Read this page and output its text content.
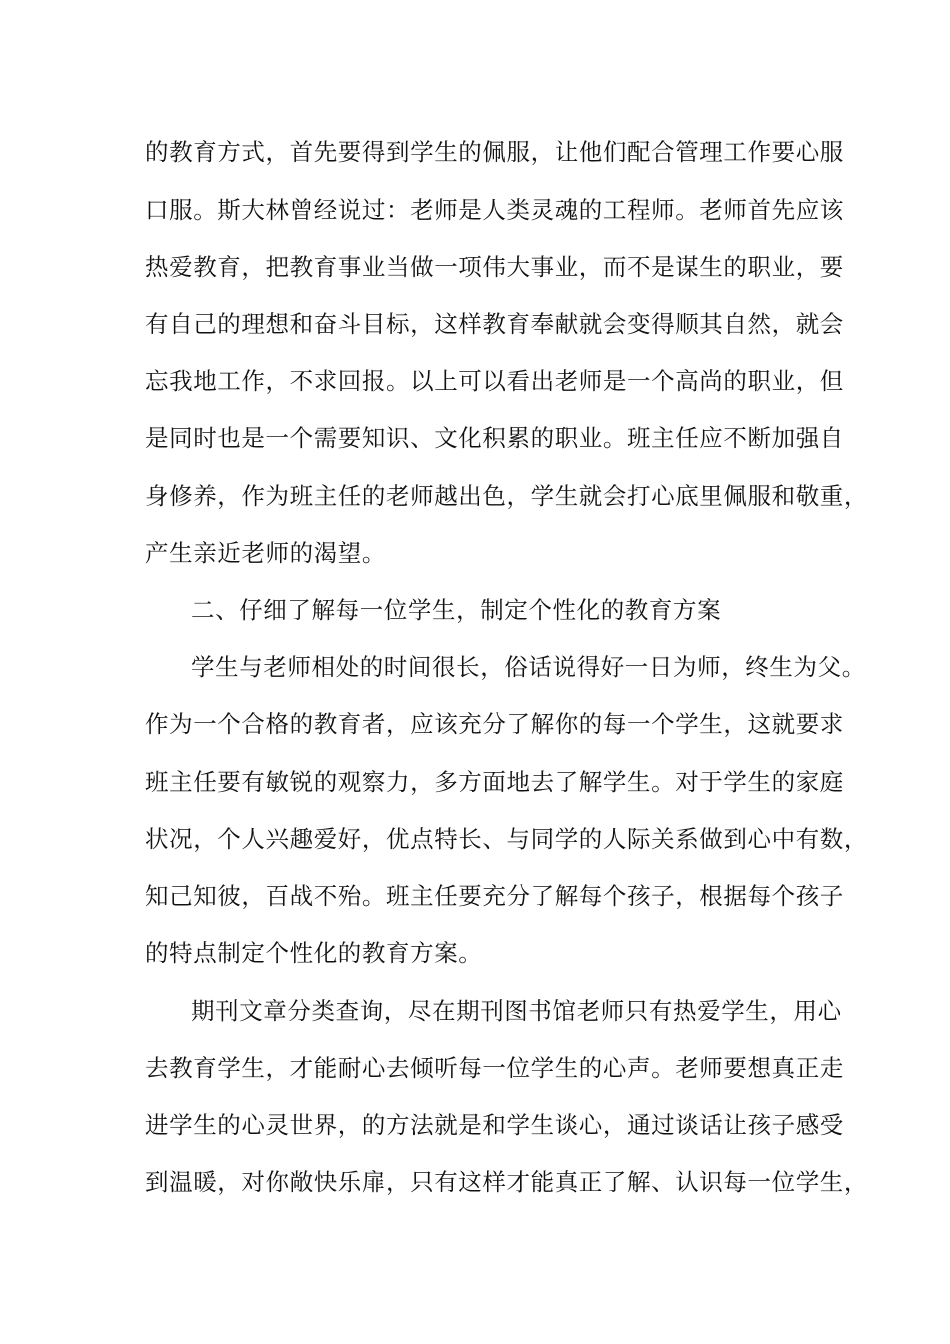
的教育方式，首先要得到学生的佩服，让他们配合管理工作要心服
口服。斯大林曾经说过：老师是人类灵魂的工程师。老师首先应该
热爱教育，把教育事业当做一项伟大事业，而不是谋生的职业，要
有自己的理想和奋斗目标，这样教育奉献就会变得顺其自然，就会
忘我地工作，不求回报。以上可以看出老师是一个高尚的职业，但
是同时也是一个需要知识、文化积累的职业。班主任应不断加强自
身修养，作为班主任的老师越出色，学生就会打心底里佩服和敬重，
产生亲近老师的渴望。
二、仔细了解每一位学生，制定个性化的教育方案
学生与老师相处的时间很长，俗话说得好一日为师，终生为父。
作为一个合格的教育者，应该充分了解你的每一个学生，这就要求
班主任要有敏锐的观察力，多方面地去了解学生。对于学生的家庭
状况，个人兴趣爱好，优点特长、与同学的人际关系做到心中有数，
知己知彼，百战不殆。班主任要充分了解每个孩子，根据每个孩子
的特点制定个性化的教育方案。
期刊文章分类查询，尽在期刊图书馆老师只有热爱学生，用心
去教育学生，才能耐心去倾听每一位学生的心声。老师要想真正走
进学生的心灵世界，的方法就是和学生谈心，通过谈话让孩子感受
到温暖，对你敞快乐扉，只有这样才能真正了解、认识每一位学生，
